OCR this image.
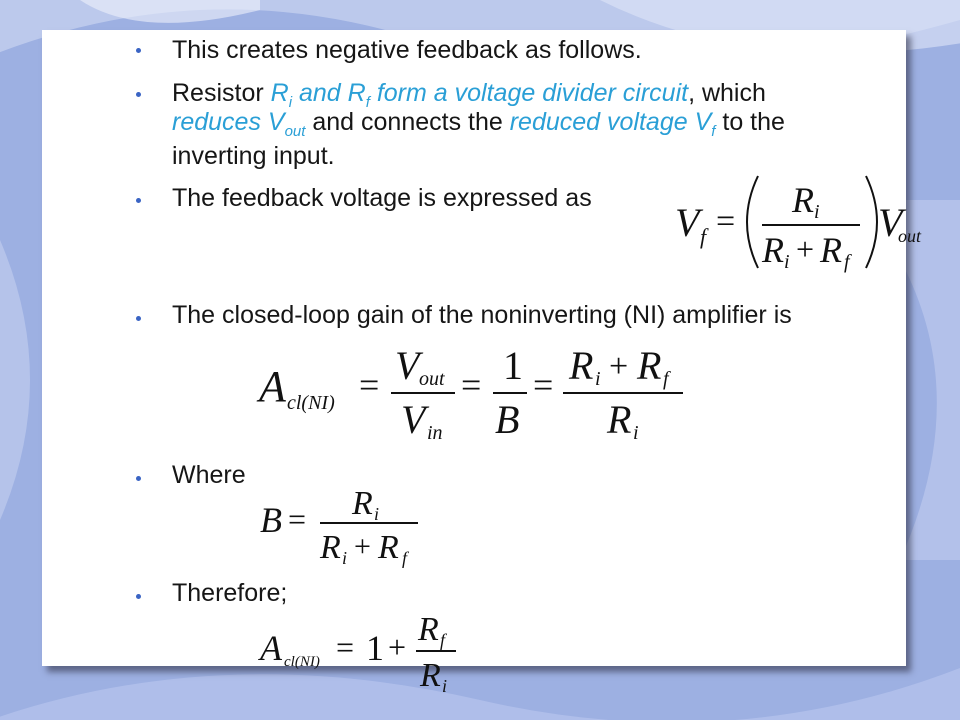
This creates negative feedback as follows.
Resistor $R_i$ and $R_f$ form a voltage divider circuit, which
reduces $V_{out}$ and connects the reduced voltage $V_f$ to the
inverting input.
The feedback voltage is expressed as
The closed-loop gain of the noninverting (NI) amplifier is
Where
Therefore;
V f =
R i
R i + R f
V
out
A cl(NI) = V out
V in
= 1
B
= R i + R f
R i
B = R i
R i + R f
A cl(NI) = 1 + R f
R i
